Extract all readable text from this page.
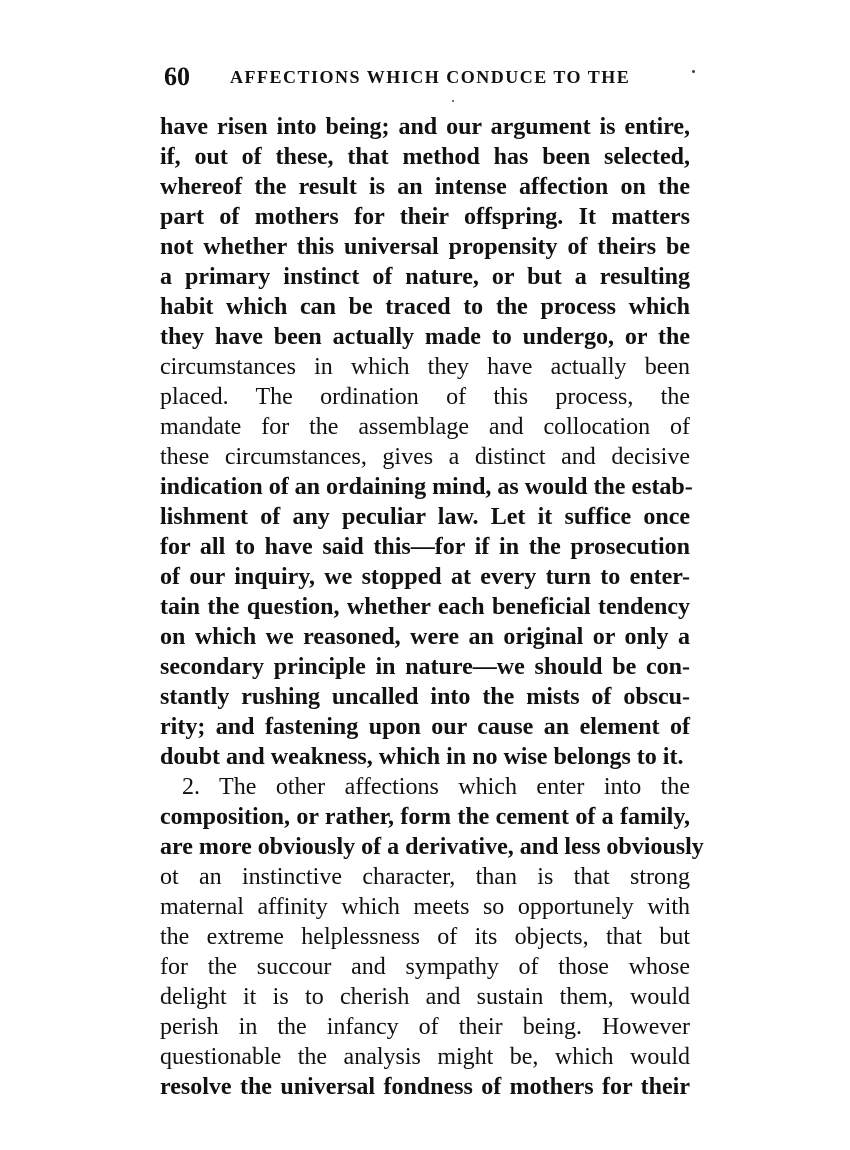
60 AFFECTIONS WHICH CONDUCE TO THE
have risen into being; and our argument is entire,
if, out of these, that method has been selected,
whereof the result is an intense affection on the
part of mothers for their offspring. It matters
not whether this universal propensity of theirs be
a primary instinct of nature, or but a resulting
habit which can be traced to the process which
they have been actually made to undergo, or the
circumstances in which they have actually been
placed. The ordination of this process, the
mandate for the assemblage and collocation of
these circumstances, gives a distinct and decisive
indication of an ordaining mind, as would the estab-
lishment of any peculiar law. Let it suffice once
for all to have said this—for if in the prosecution
of our inquiry, we stopped at every turn to enter-
tain the question, whether each beneficial tendency
on which we reasoned, were an original or only a
secondary principle in nature—we should be con-
stantly rushing uncalled into the mists of obscu-
rity; and fastening upon our cause an element of
doubt and weakness, which in no wise belongs to it.
2. The other affections which enter into the
composition, or rather, form the cement of a family,
are more obviously of a derivative, and less obviously
ot an instinctive character, than is that strong
maternal affinity which meets so opportunely with
the extreme helplessness of its objects, that but
for the succour and sympathy of those whose
delight it is to cherish and sustain them, would
perish in the infancy of their being. However
questionable the analysis might be, which would
resolve the universal fondness of mothers for their
